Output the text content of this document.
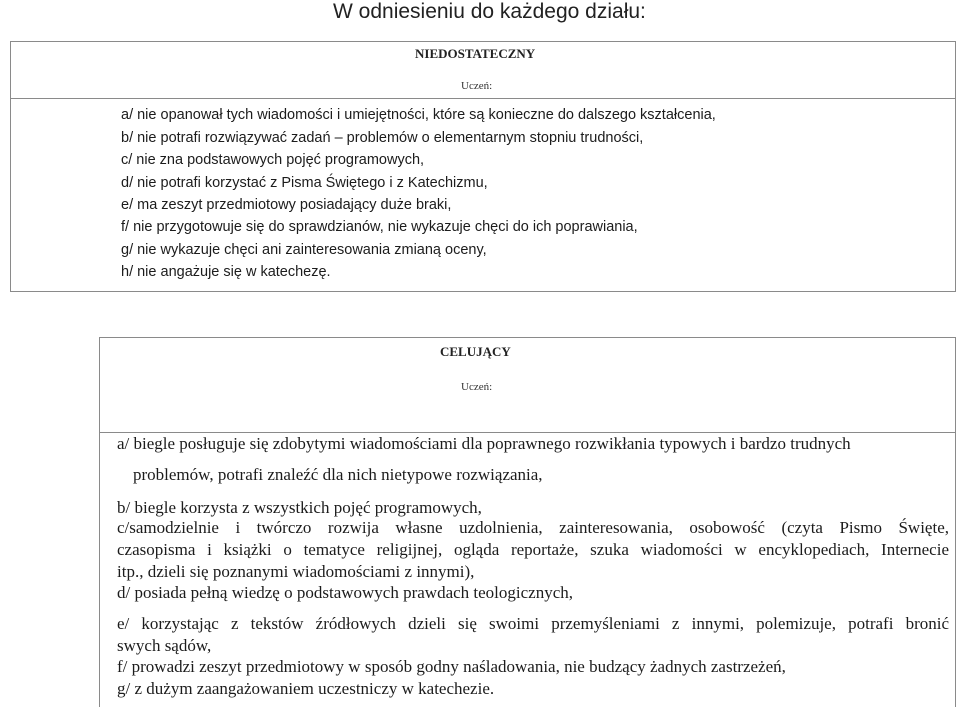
W odniesieniu do każdego działu:
NIEDOSTATECZNY
Uczeń:
a/ nie opanował tych wiadomości i umiejętności, które są konieczne do dalszego kształcenia,
b/ nie potrafi rozwiązywać zadań – problemów o elementarnym stopniu trudności,
c/ nie zna podstawowych pojęć programowych,
d/ nie potrafi korzystać z Pisma Świętego i z Katechizmu,
e/ ma zeszyt przedmiotowy posiadający duże braki,
f/ nie przygotowuje się do sprawdzianów, nie wykazuje chęci do ich poprawiania,
g/ nie wykazuje chęci ani zainteresowania zmianą oceny,
h/ nie angażuje się w katechezę.
CELUJĄCY
Uczeń:
a/ biegle posługuje się zdobytymi wiadomościami dla poprawnego rozwikłania typowych i bardzo trudnych
problemów, potrafi znaleźć dla nich nietypowe rozwiązania,
b/ biegle korzysta z wszystkich pojęć programowych,
c/samodzielnie i twórczo rozwija własne uzdolnienia, zainteresowania, osobowość (czyta Pismo Święte,
czasopisma i książki o tematyce religijnej, ogląda reportaże, szuka wiadomości w encyklopediach, Internecie
itp., dzieli się poznanymi wiadomościami z innymi),
d/ posiada pełną wiedzę o podstawowych prawdach teologicznych,
e/ korzystając z tekstów źródłowych dzieli się swoimi przemyśleniami z innymi, polemizuje, potrafi bronić
swych sądów,
f/ prowadzi zeszyt przedmiotowy w sposób godny naśladowania, nie budzący żadnych zastrzeżeń,
g/ z dużym zaangażowaniem uczestniczy w katechezie.
